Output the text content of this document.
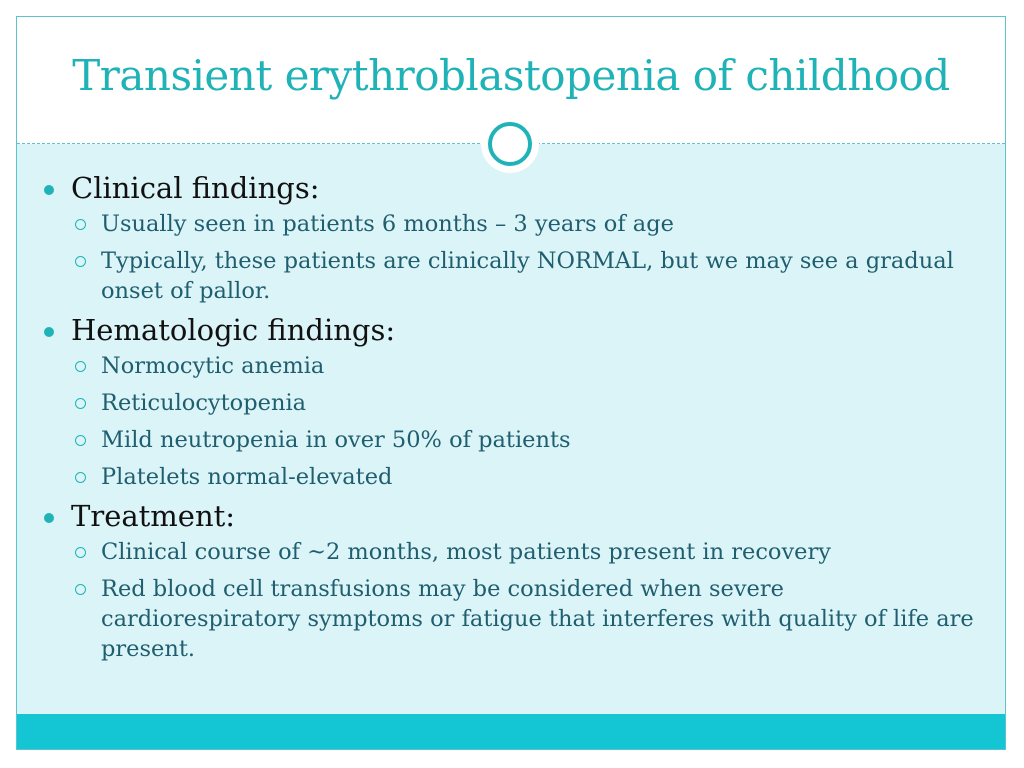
Transient erythroblastopenia of childhood
Clinical findings:
Usually seen in patients 6 months – 3 years of age
Typically, these patients are clinically NORMAL, but we may see a gradual onset of pallor.
Hematologic findings:
Normocytic anemia
Reticulocytopenia
Mild neutropenia in over 50% of patients
Platelets normal-elevated
Treatment:
Clinical course of ~2 months, most patients present in recovery
Red blood cell transfusions may be considered when severe cardiorespiratory symptoms or fatigue that interferes with quality of life are present.
